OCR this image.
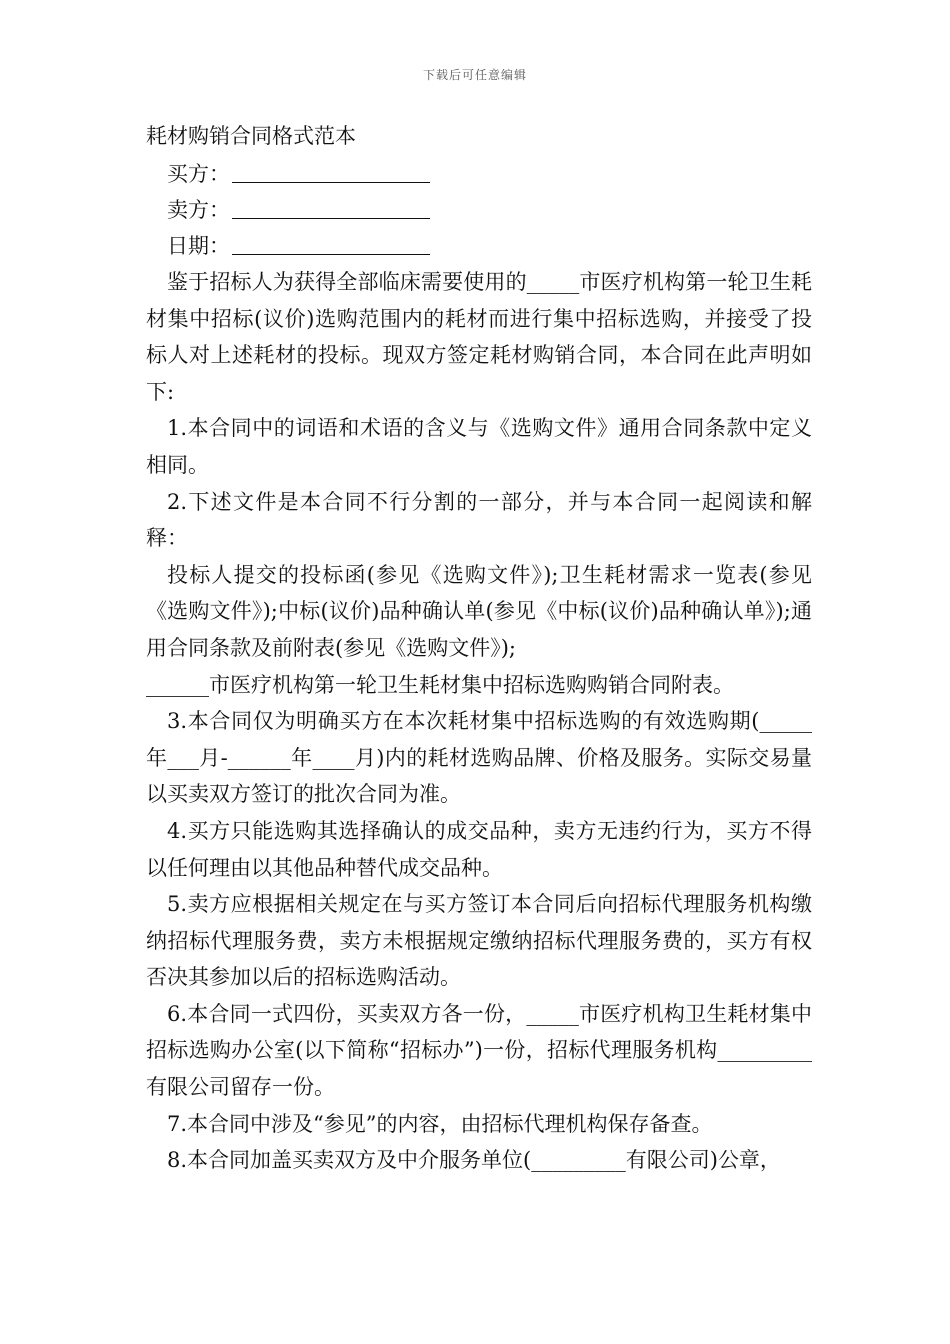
下载后可任意编辑
耗材购销合同格式范本
买方：
卖方：
日期：

鉴于招标人为获得全部临床需要使用的_____市医疗机构第一轮卫生耗材集中招标(议价)选购范围内的耗材而进行集中招标选购，并接受了投标人对上述耗材的投标。现双方签定耗材购销合同，本合同在此声明如下:

1.本合同中的词语和术语的含义与《选购文件》通用合同条款中定义相同。

2.下述文件是本合同不行分割的一部分，并与本合同一起阅读和解释：

投标人提交的投标函(参见《选购文件》);卫生耗材需求一览表(参见《选购文件》);中标(议价)品种确认单(参见《中标(议价)品种确认单》);通用合同条款及前附表(参见《选购文件》);

______市医疗机构第一轮卫生耗材集中招标选购购销合同附表。

3.本合同仅为明确买方在本次耗材集中招标选购的有效选购期(_____年___月-______年____月)内的耗材选购品牌、价格及服务。实际交易量以买卖双方签订的批次合同为准。

4.买方只能选购其选择确认的成交品种，卖方无违约行为，买方不得以任何理由以其他品种替代成交品种。

5.卖方应根据相关规定在与买方签订本合同后向招标代理服务机构缴纳招标代理服务费，卖方未根据规定缴纳招标代理服务费的，买方有权否决其参加以后的招标选购活动。

6.本合同一式四份，买卖双方各一份，_____市医疗机构卫生耗材集中招标选购办公室(以下简称“招标办”)一份，招标代理服务机构_________有限公司留存一份。

7.本合同中涉及“参见”的内容，由招标代理机构保存备查。

8.本合同加盖买卖双方及中介服务单位(_________有限公司)公章，
